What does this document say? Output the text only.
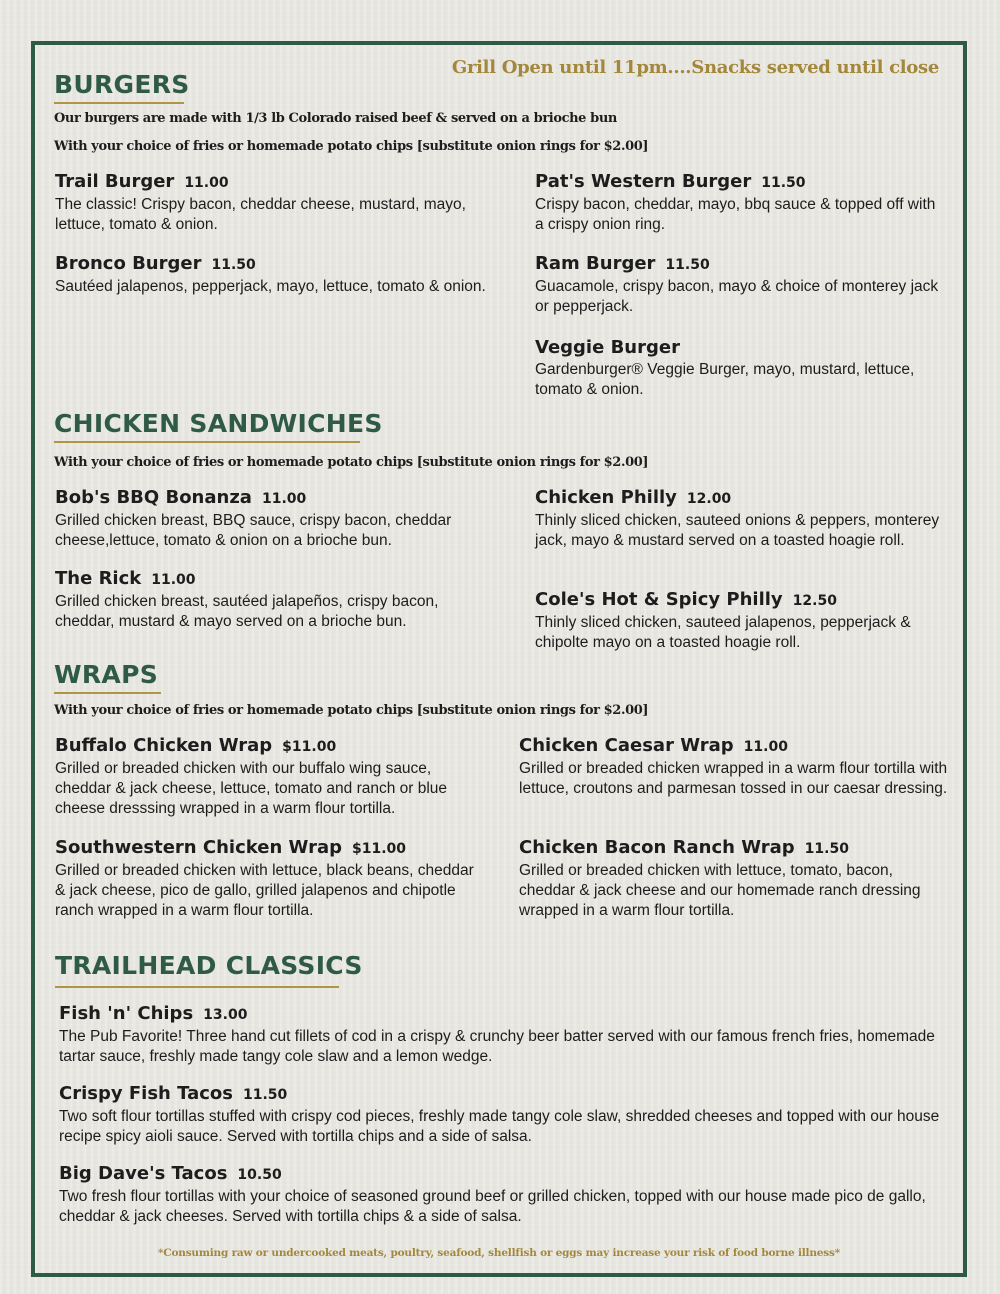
Grill Open until 11pm....Snacks served until close
BURGERS
Our burgers are made with 1/3 lb Colorado raised beef & served on a brioche bun
With your choice of fries or homemade potato chips [substitute onion rings for $2.00]
Trail Burger 11.00
The classic! Crispy bacon, cheddar cheese, mustard, mayo, lettuce, tomato & onion.
Bronco Burger 11.50
Sautéed jalapenos, pepperjack, mayo, lettuce, tomato & onion.
Pat's Western Burger 11.50
Crispy bacon, cheddar, mayo, bbq sauce & topped off with a crispy onion ring.
Ram Burger 11.50
Guacamole, crispy bacon, mayo & choice of monterey jack or pepperjack.
Veggie Burger
Gardenburger® Veggie Burger, mayo, mustard, lettuce, tomato & onion.
CHICKEN SANDWICHES
With your choice of fries or homemade potato chips [substitute onion rings for $2.00]
Bob's BBQ Bonanza 11.00
Grilled chicken breast, BBQ sauce, crispy bacon, cheddar cheese,lettuce, tomato & onion on a brioche bun.
The Rick 11.00
Grilled chicken breast, sautéed jalapeños, crispy bacon, cheddar, mustard & mayo served on a brioche bun.
Chicken Philly 12.00
Thinly sliced chicken, sauteed onions & peppers, monterey jack, mayo & mustard served on a toasted hoagie roll.
Cole's Hot & Spicy Philly 12.50
Thinly sliced chicken, sauteed jalapenos, pepperjack & chipolte mayo on a toasted hoagie roll.
WRAPS
With your choice of fries or homemade potato chips [substitute onion rings for $2.00]
Buffalo Chicken Wrap $11.00
Grilled or breaded chicken with our buffalo wing sauce, cheddar & jack cheese, lettuce, tomato and ranch or blue cheese dresssing wrapped in a warm flour tortilla.
Southwestern Chicken Wrap $11.00
Grilled or breaded chicken with lettuce, black beans, cheddar & jack cheese, pico de gallo, grilled jalapenos and chipotle ranch wrapped in a warm flour tortilla.
Chicken Caesar Wrap 11.00
Grilled or breaded chicken wrapped in a warm flour tortilla with lettuce, croutons and parmesan tossed in our caesar dressing.
Chicken Bacon Ranch Wrap 11.50
Grilled or breaded chicken with lettuce, tomato, bacon, cheddar & jack cheese and our homemade ranch dressing wrapped in a warm flour tortilla.
TRAILHEAD CLASSICS
Fish 'n' Chips 13.00
The Pub Favorite! Three hand cut fillets of cod in a crispy & crunchy beer batter served with our famous french fries, homemade tartar sauce, freshly made tangy cole slaw and a lemon wedge.
Crispy Fish Tacos 11.50
Two soft flour tortillas stuffed with crispy cod pieces, freshly made tangy cole slaw, shredded cheeses and topped with our house recipe spicy aioli sauce. Served with tortilla chips and a side of salsa.
Big Dave's Tacos 10.50
Two fresh flour tortillas with your choice of seasoned ground beef or grilled chicken, topped with our house made pico de gallo, cheddar & jack cheeses. Served with tortilla chips & a side of salsa.
*Consuming raw or undercooked meats, poultry, seafood, shellfish or eggs may increase your risk of food borne illness*
